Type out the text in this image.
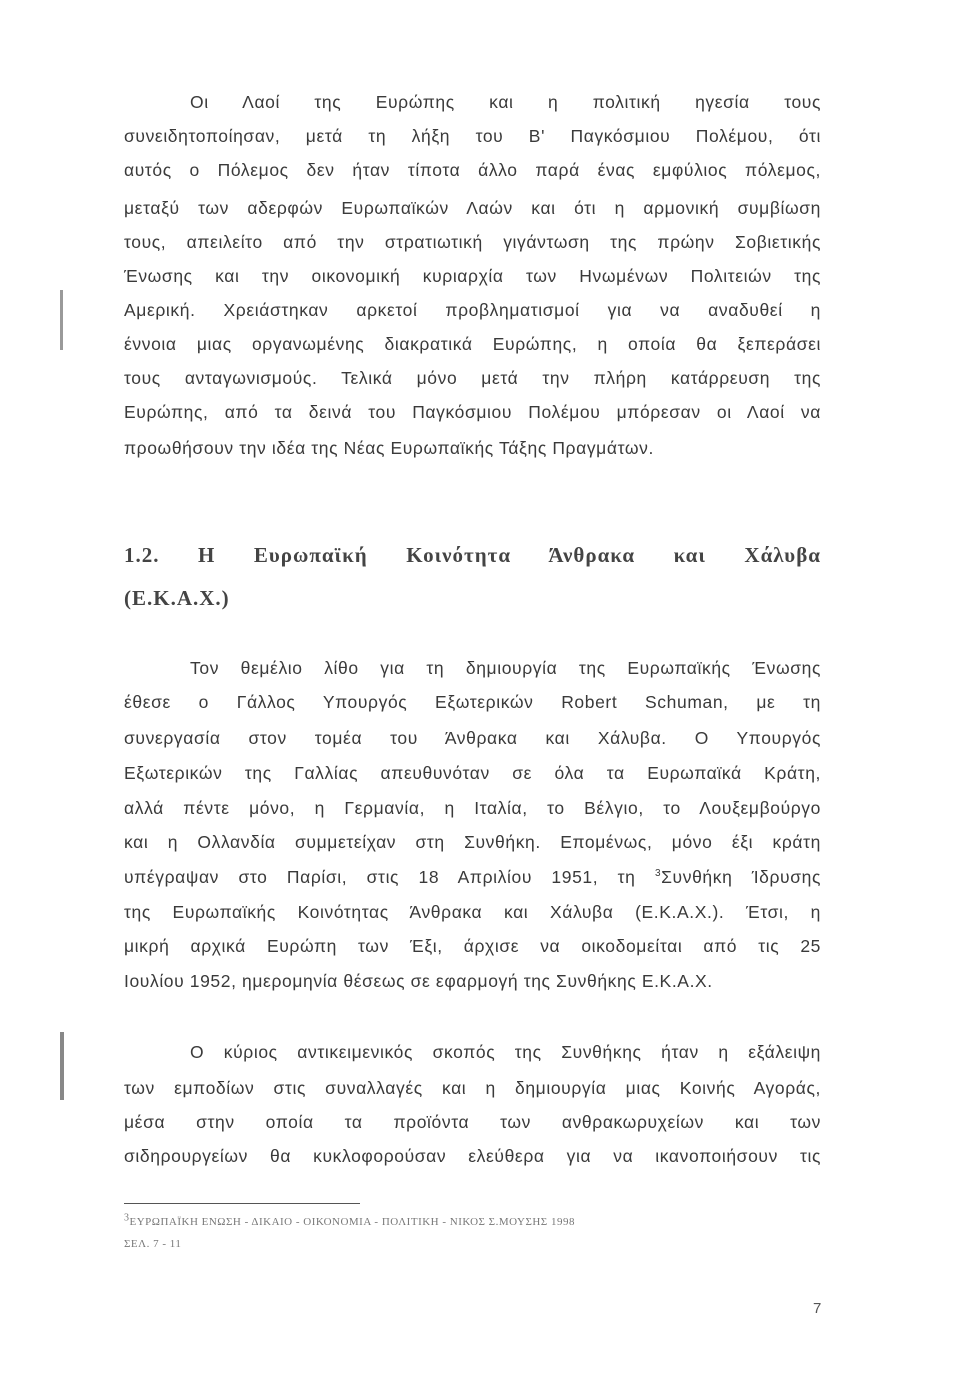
Οι Λαοί της Ευρώπης και η πολιτική ηγεσία τους
συνειδητοποίησαν, μετά τη λήξη του Β' Παγκόσμιου Πολέμου, ότι
αυτός ο Πόλεμος δεν ήταν τίποτα άλλο παρά ένας εμφύλιος πόλεμος,
μεταξύ των αδερφών Ευρωπαϊκών Λαών και ότι η αρμονική συμβίωση
τους, απειλείτο από την στρατιωτική γιγάντωση της πρώην Σοβιετικής
Ένωσης και την οικονομική κυριαρχία των Ηνωμένων Πολιτειών της
Αμερική. Χρειάστηκαν αρκετοί προβληματισμοί για να αναδυθεί η
έννοια μιας οργανωμένης διακρατικά Ευρώπης, η οποία θα ξεπεράσει
τους ανταγωνισμούς. Τελικά μόνο μετά την πλήρη κατάρρευση της
Ευρώπης, από τα δεινά του Παγκόσμιου Πολέμου μπόρεσαν οι Λαοί να
προωθήσουν την ιδέα της Νέας Ευρωπαϊκής Τάξης Πραγμάτων.
1.2. Η Ευρωπαϊκή Κοινότητα Άνθρακα και Χάλυβα
(Ε.Κ.Α.Χ.)
Τον θεμέλιο λίθο για τη δημιουργία της Ευρωπαϊκής Ένωσης
έθεσε ο Γάλλος Υπουργός Εξωτερικών Robert Schuman, με τη
συνεργασία στον τομέα του Άνθρακα και Χάλυβα. Ο Υπουργός
Εξωτερικών της Γαλλίας απευθυνόταν σε όλα τα Ευρωπαϊκά Κράτη,
αλλά πέντε μόνο, η Γερμανία, η Ιταλία, το Βέλγιο, το Λουξεμβούργο
και η Ολλανδία συμμετείχαν στη Συνθήκη. Επομένως, μόνο έξι κράτη
υπέγραψαν στο Παρίσι, στις 18 Απριλίου 1951, τη $^3$Συνθήκη Ίδρυσης
της Ευρωπαϊκής Κοινότητας Άνθρακα και Χάλυβα (Ε.Κ.Α.Χ.). Έτσι, η
μικρή αρχικά Ευρώπη των Έξι, άρχισε να οικοδομείται από τις 25
Ιουλίου 1952, ημερομηνία θέσεως σε εφαρμογή της Συνθήκης Ε.Κ.Α.Χ.
Ο κύριος αντικειμενικός σκοπός της Συνθήκης ήταν η εξάλειψη
των εμποδίων στις συναλλαγές και η δημιουργία μιας Κοινής Αγοράς,
μέσα στην οποία τα προϊόντα των ανθρακωρυχείων και των
σιδηρουργείων θα κυκλοφορούσαν ελεύθερα για να ικανοποιήσουν τις
$^3$ΕΥΡΩΠΑΪΚΗ ΕΝΩΣΗ - ΔΙΚΑΙΟ - ΟΙΚΟΝΟΜΙΑ - ΠΟΛΙΤΙΚΗ - ΝΙΚΟΣ Σ.ΜΟΥΣΗΣ 1998
ΣΕΛ. 7 - 11
7
